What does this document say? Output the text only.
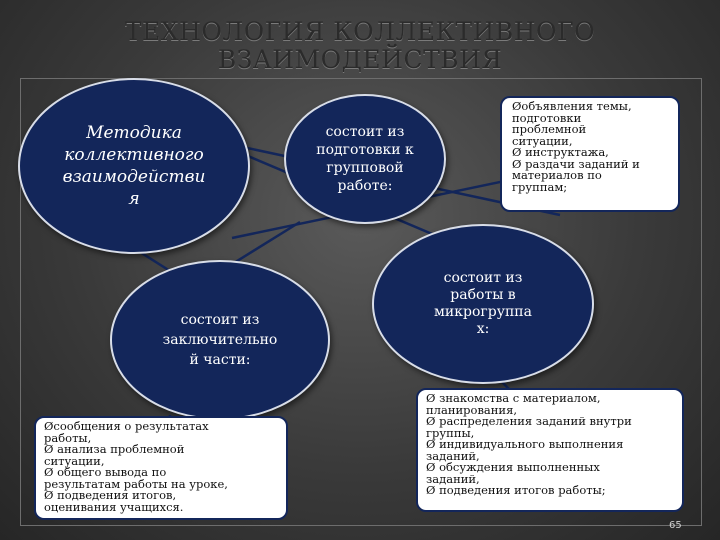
ТЕХНОЛОГИЯ КОЛЛЕКТИВНОГО
ВЗАИМОДЕЙСТВИЯ
Методика
коллективного
взаимодействи
я
состоит из
подготовки к
групповой
работе:
состоит из
заключительно
й части:
состоит из
работы в
микрогруппа
х:
Øобъявления темы,
подготовки
проблемной
ситуации,
Ø инструктажа,
Ø раздачи заданий и
материалов по
группам;
Øсообщения о результатах
работы,
Ø анализа проблемной
ситуации,
Ø общего вывода по
результатам работы на уроке,
Ø подведения итогов,
оценивания учащихся.
Ø знакомства с материалом,
планирования,
Ø распределения заданий внутри
группы,
Ø индивидуального выполнения
заданий,
Ø обсуждения выполненных
заданий,
Ø подведения итогов работы;
65
